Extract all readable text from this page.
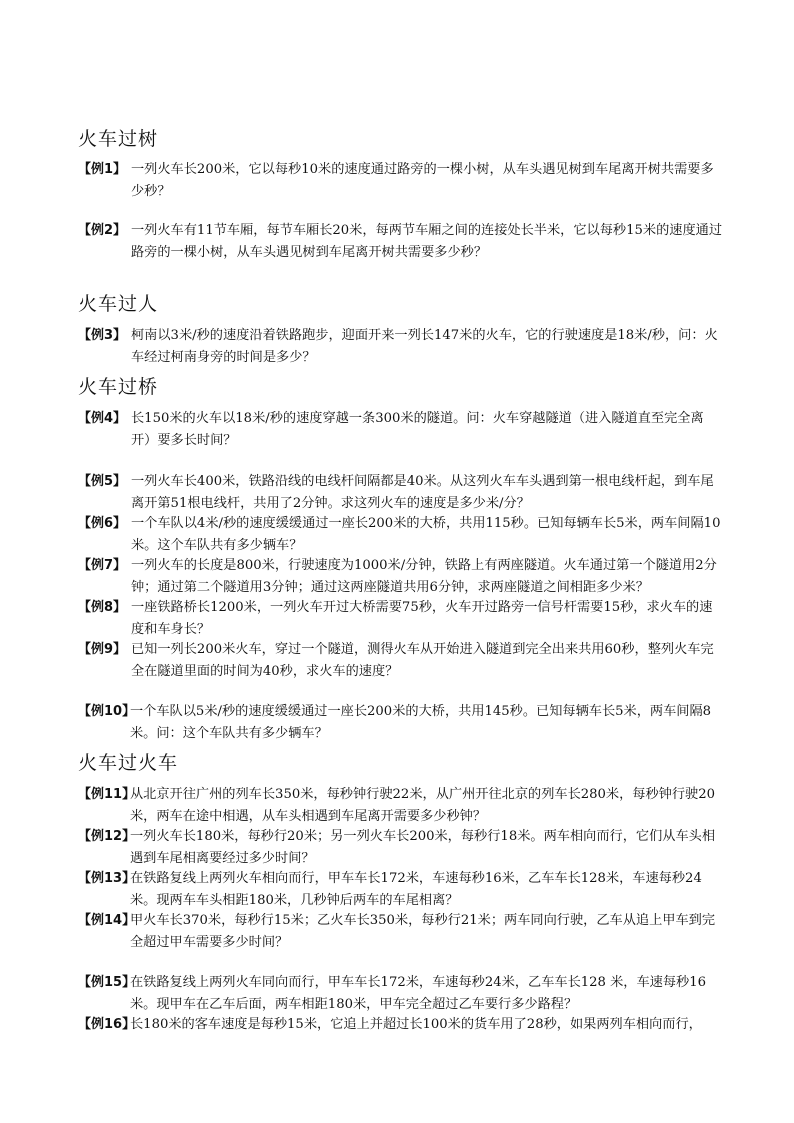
火车过树
【例1】 一列火车长200米，它以每秒10米的速度通过路旁的一棵小树，从车头遇见树到车尾离开树共需要多少秒？
【例2】 一列火车有11节车厢，每节车厢长20米，每两节车厢之间的连接处长半米，它以每秒15米的速度通过路旁的一棵小树，从车头遇见树到车尾离开树共需要多少秒？
火车过人
【例3】 柯南以3米/秒的速度沿着铁路跑步，迎面开来一列长147米的火车，它的行驶速度是18米/秒，问：火车经过柯南身旁的时间是多少？
火车过桥
【例4】 长150米的火车以18米/秒的速度穿越一条300米的隧道。问：火车穿越隧道（进入隧道直至完全离开）要多长时间？
【例5】 一列火车长400米，铁路沿线的电线杆间隔都是40米。从这列火车车头遇到第一根电线杆起，到车尾离开第51根电线杆，共用了2分钟。求这列火车的速度是多少米/分？
【例6】 一个车队以4米/秒的速度缓缓通过一座长200米的大桥，共用115秒。已知每辆车长5米，两车间隔10米。这个车队共有多少辆车？
【例7】 一列火车的长度是800米，行驶速度为1000米/分钟，铁路上有两座隧道。火车通过第一个隧道用2分钟；通过第二个隧道用3分钟；通过这两座隧道共用6分钟，求两座隧道之间相距多少米？
【例8】 一座铁路桥长1200米，一列火车开过大桥需要75秒，火车开过路旁一信号杆需要15秒，求火车的速度和车身长？
【例9】 已知一列长200米火车，穿过一个隧道，测得火车从开始进入隧道到完全出来共用60秒，整列火车完全在隧道里面的时间为40秒，求火车的速度？
【例10】
一个车队以5米/秒的速度缓缓通过一座长200米的大桥，共用145秒。已知每辆车长5米，两车间隔8米。问：这个车队共有多少辆车？
火车过火车
【例11】
从北京开往广州的列车长350米，每秒钟行驶22米，从广州开往北京的列车长280米，每秒钟行驶20米，两车在途中相遇，从车头相遇到车尾离开需要多少秒钟？
【例12】
一列火车长180米，每秒行20米；另一列火车长200米，每秒行18米。两车相向而行，它们从车头相遇到车尾相离要经过多少时间？
【例13】
在铁路复线上两列火车相向而行，甲车车长172米，车速每秒16米，乙车车长128米，车速每秒24米。现两车车头相距180米，几秒钟后两车的车尾相离？
【例14】
甲火车长370米，每秒行15米；乙火车长350米，每秒行21米；两车同向行驶，乙车从追上甲车到完全超过甲车需要多少时间？
【例15】
在铁路复线上两列火车同向而行，甲车车长172米，车速每秒24米，乙车车长128 米，车速每秒16米。现甲车在乙车后面，两车相距180米，甲车完全超过乙车要行多少路程？
【例16】
长180米的客车速度是每秒15米，它追上并超过长100米的货车用了28秒，如果两列车相向而行，
